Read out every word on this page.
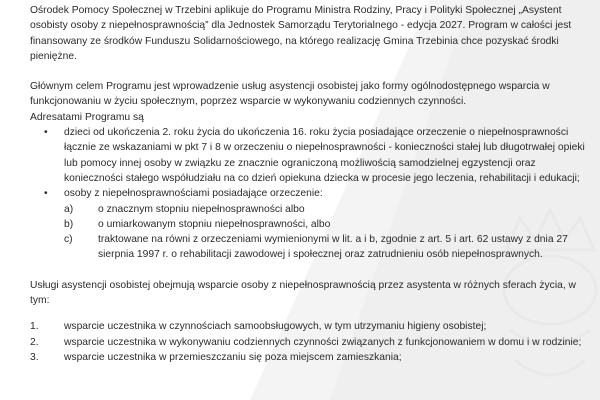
Ośrodek Pomocy Społecznej w Trzebini aplikuje do Programu Ministra Rodziny, Pracy i Polityki Społecznej „Asystent osobisty osoby z niepełnosprawnością” dla Jednostek Samorządu Terytorialnego - edycja 2027. Program w całości jest finansowany ze środków Funduszu Solidarnościowego, na którego realizację Gmina Trzebinia chce pozyskać środki pieniężne.

Głównym celem Programu jest wprowadzenie usług asystencji osobistej jako formy ogólnodostępnego wsparcia w funkcjonowaniu w życiu społecznym, poprzez wsparcie w wykonywaniu codziennych czynności.

Adresatami Programu są

• dzieci od ukończenia 2. roku życia do ukończenia 16. roku życia posiadające orzeczenie o niepełnosprawności łącznie ze wskazaniami w pkt 7 i 8 w orzeczeniu o niepełnosprawności - konieczności stałej lub długotrwałej opieki lub pomocy innej osoby w związku ze znacznie ograniczoną możliwością samodzielnej egzystencji oraz konieczności stałego współudziału na co dzień opiekuna dziecka w procesie jego leczenia, rehabilitacji i edukacji;
• osoby z niepełnosprawnościami posiadające orzeczenie:
a) o znacznym stopniu niepełnosprawności albo
b) o umiarkowanym stopniu niepełnosprawności, albo
c) traktowane na równi z orzeczeniami wymienionymi w lit. a i b, zgodnie z art. 5 i art. 62 ustawy z dnia 27 sierpnia 1997 r. o rehabilitacji zawodowej i społecznej oraz zatrudnieniu osób niepełnosprawnych.

Usługi asystencji osobistej obejmują wsparcie osoby z niepełnosprawnością przez asystenta w różnych sferach życia, w tym:

1. wsparcie uczestnika w czynnościach samoobsługowych, w tym utrzymaniu higieny osobistej;
2. wsparcie uczestnika w wykonywaniu codziennych czynności związanych z funkcjonowaniem w domu i w rodzinie;
3. wsparcie uczestnika w przemieszczaniu się poza miejscem zamieszkania;
